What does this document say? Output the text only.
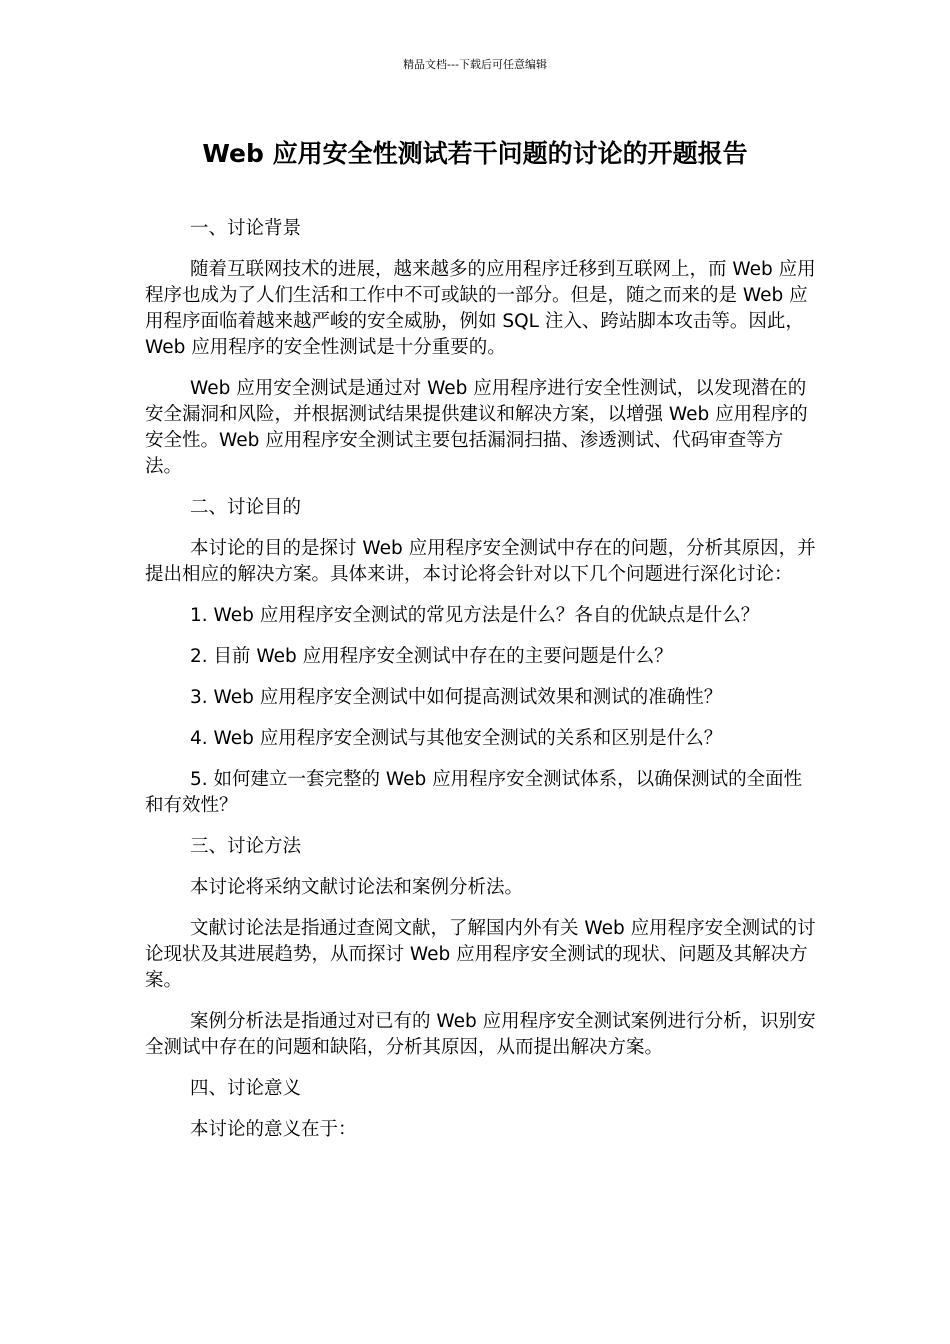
精品文档---下载后可任意编辑
Web 应用安全性测试若干问题的讨论的开题报告

一、讨论背景

随着互联网技术的进展，越来越多的应用程序迁移到互联网上，而 Web 应用程序也成为了人们生活和工作中不可或缺的一部分。但是，随之而来的是 Web 应用程序面临着越来越严峻的安全威胁，例如 SQL 注入、跨站脚本攻击等。因此，Web 应用程序的安全性测试是十分重要的。

Web 应用安全测试是通过对 Web 应用程序进行安全性测试，以发现潜在的安全漏洞和风险，并根据测试结果提供建议和解决方案，以增强 Web 应用程序的安全性。Web 应用程序安全测试主要包括漏洞扫描、渗透测试、代码审查等方法。

二、讨论目的

本讨论的目的是探讨 Web 应用程序安全测试中存在的问题，分析其原因，并提出相应的解决方案。具体来讲，本讨论将会针对以下几个问题进行深化讨论：

1. Web 应用程序安全测试的常见方法是什么？各自的优缺点是什么？

2. 目前 Web 应用程序安全测试中存在的主要问题是什么？

3. Web 应用程序安全测试中如何提高测试效果和测试的准确性？

4. Web 应用程序安全测试与其他安全测试的关系和区别是什么？

5. 如何建立一套完整的 Web 应用程序安全测试体系，以确保测试的全面性和有效性？

三、讨论方法

本讨论将采纳文献讨论法和案例分析法。

文献讨论法是指通过查阅文献，了解国内外有关 Web 应用程序安全测试的讨论现状及其进展趋势，从而探讨 Web 应用程序安全测试的现状、问题及其解决方案。

案例分析法是指通过对已有的 Web 应用程序安全测试案例进行分析，识别安全测试中存在的问题和缺陷，分析其原因，从而提出解决方案。

四、讨论意义

本讨论的意义在于：
